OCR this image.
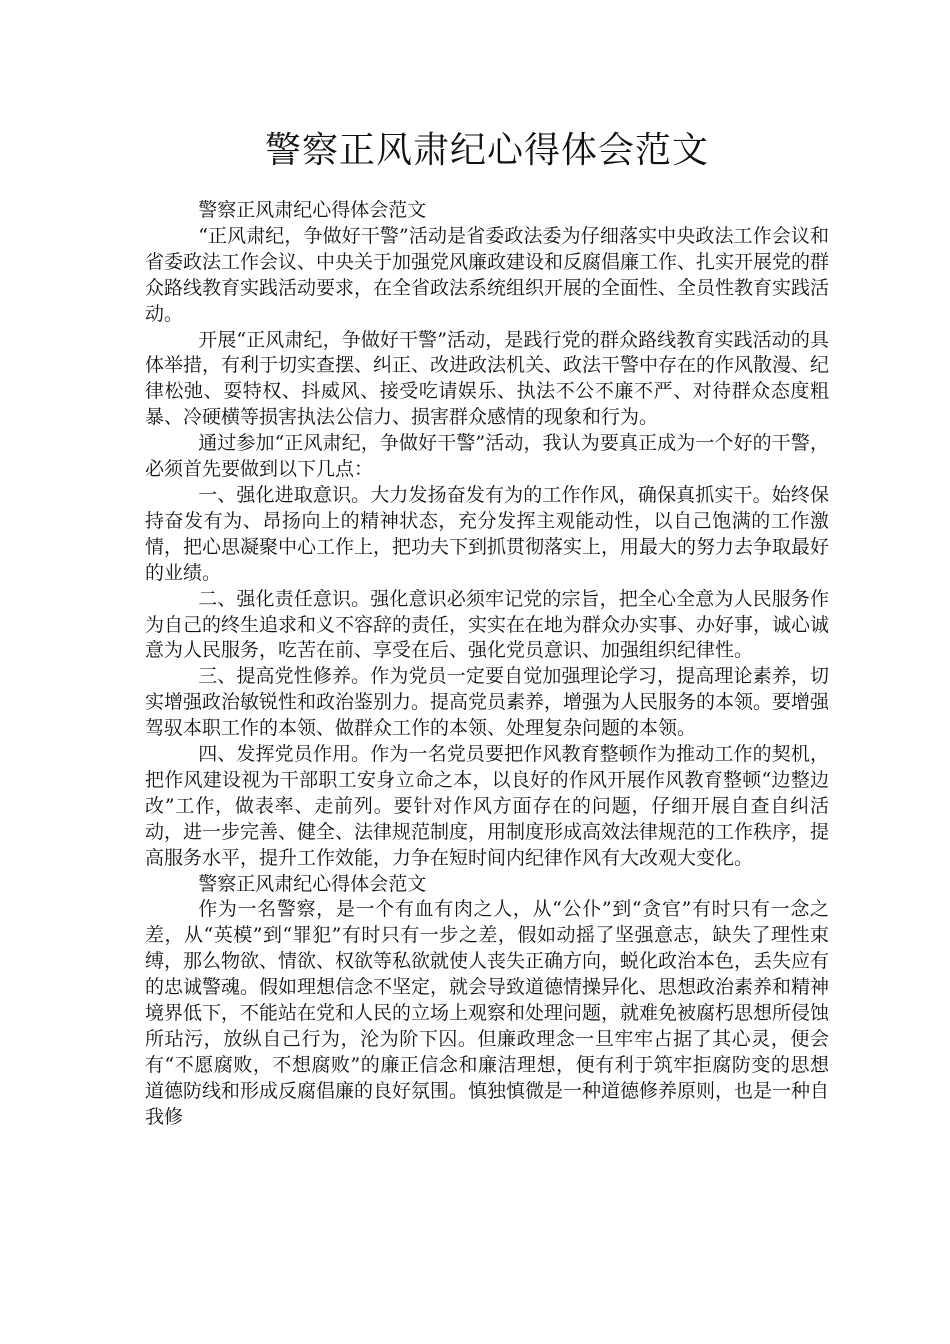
警察正风肃纪心得体会范文

警察正风肃纪心得体会范文

“正风肃纪，争做好干警”活动是省委政法委为仔细落实中央政法工作会议和省委政法工作会议、中央关于加强党风廉政建设和反腐倡廉工作、扎实开展党的群众路线教育实践活动要求，在全省政法系统组织开展的全面性、全员性教育实践活动。

开展“正风肃纪，争做好干警”活动，是践行党的群众路线教育实践活动的具体举措，有利于切实查摆、纠正、改进政法机关、政法干警中存在的作风散漫、纪律松弛、耍特权、抖威风、接受吃请娱乐、执法不公不廉不严、对待群众态度粗暴、冷硬横等损害执法公信力、损害群众感情的现象和行为。

通过参加“正风肃纪，争做好干警”活动，我认为要真正成为一个好的干警，必须首先要做到以下几点：

一、强化进取意识。大力发扬奋发有为的工作作风，确保真抓实干。始终保持奋发有为、昂扬向上的精神状态，充分发挥主观能动性，以自己饱满的工作激情，把心思凝聚中心工作上，把功夫下到抓贯彻落实上，用最大的努力去争取最好的业绩。

二、强化责任意识。强化意识必须牢记党的宗旨，把全心全意为人民服务作为自己的终生追求和义不容辞的责任，实实在在地为群众办实事、办好事，诚心诚意为人民服务，吃苦在前、享受在后、强化党员意识、加强组织纪律性。

三、提高党性修养。作为党员一定要自觉加强理论学习，提高理论素养，切实增强政治敏锐性和政治鉴别力。提高党员素养，增强为人民服务的本领。要增强驾驭本职工作的本领、做群众工作的本领、处理复杂问题的本领。

四、发挥党员作用。作为一名党员要把作风教育整顿作为推动工作的契机，把作风建设视为干部职工安身立命之本，以良好的作风开展作风教育整顿“边整边改”工作，做表率、走前列。要针对作风方面存在的问题，仔细开展自查自纠活动，进一步完善、健全、法律规范制度，用制度形成高效法律规范的工作秩序，提高服务水平，提升工作效能，力争在短时间内纪律作风有大改观大变化。

警察正风肃纪心得体会范文

作为一名警察，是一个有血有肉之人，从“公仆”到“贪官”有时只有一念之差，从“英模”到“罪犯”有时只有一步之差，假如动摇了坚强意志，缺失了理性束缚，那么物欲、情欲、权欲等私欲就使人丧失正确方向，蜕化政治本色，丢失应有的忠诚警魂。假如理想信念不坚定，就会导致道德情操异化、思想政治素养和精神境界低下，不能站在党和人民的立场上观察和处理问题，就难免被腐朽思想所侵蚀所玷污，放纵自己行为，沦为阶下囚。但廉政理念一旦牢牢占据了其心灵，便会有“不愿腐败，不想腐败”的廉正信念和廉洁理想，便有利于筑牢拒腐防变的思想道德防线和形成反腐倡廉的良好氛围。慎独慎微是一种道德修养原则，也是一种自我修
